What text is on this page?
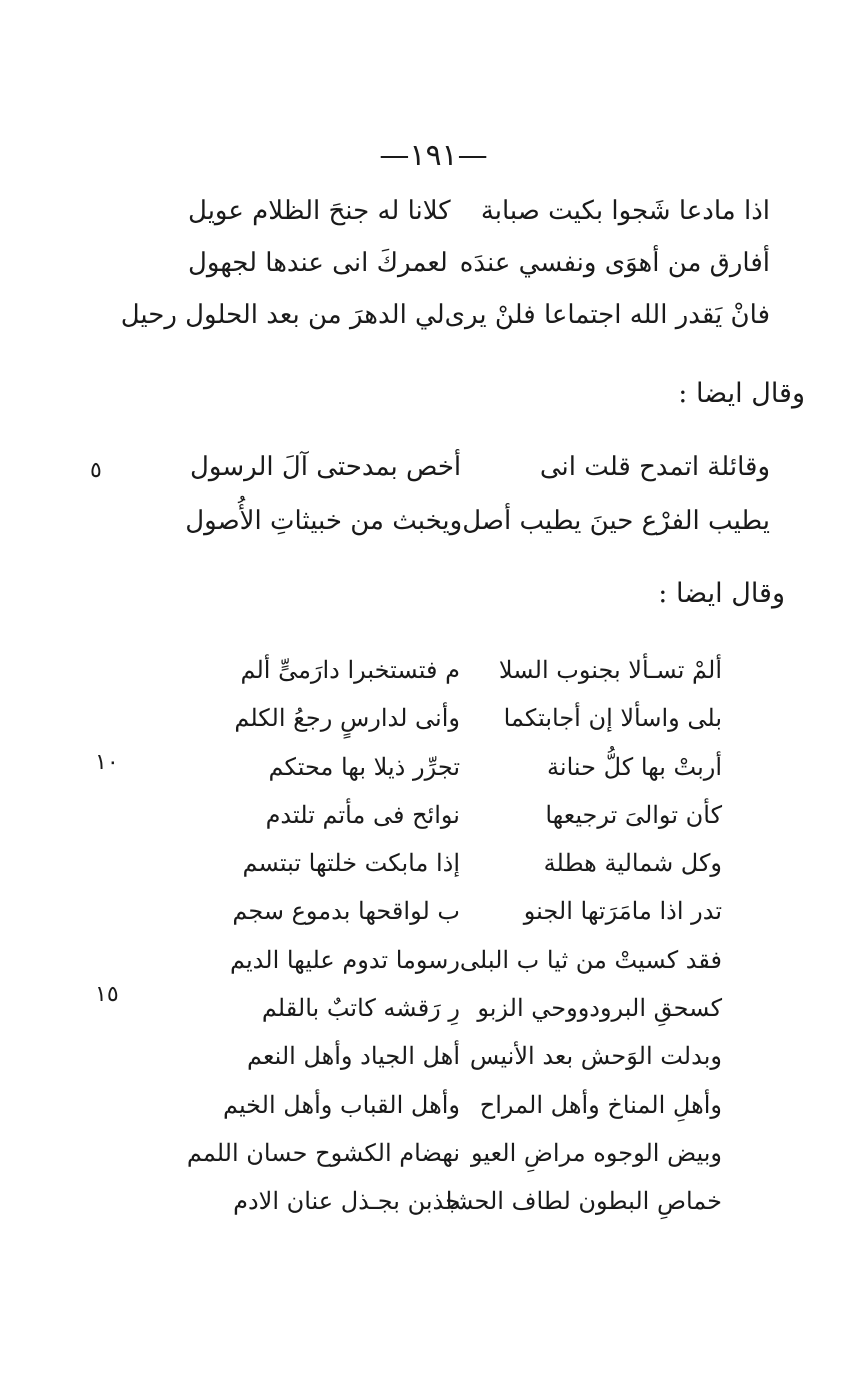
—١٩١—
٥
١٠
١٥
اذا مادعا شَجوا بكيت صبابة
كلانا له جنحَ الظلام عويل
أفارق من أهوَى ونفسي عندَه
لعمركَ انى عندها لجهول
فانْ يَقدر الله اجتماعا فلنْ يرى
لي الدهرَ من بعد الحلول رحيل
وقال ايضا :
وقائلة اتمدح قلت انى
أخص بمدحتى آلَ الرسول
يطيب الفرْع حينَ يطيب أصل
ويخبث من خبيثاتِ الأُصول
وقال ايضا :
ألمْ تسـألا بجنوب السلا
م فتستخبرا دارَمىٍّ ألم
بلى واسألا إن أجابتكما
وأنى لدارسٍ رجعُ الكلم
أربتْ بها كلُّ حنانة
تجرِّر ذيلا بها محتكم
كأن توالىَ ترجيعها
نوائح فى مأتم تلتدم
وكل شمالية هطلة
إذا مابكت خلتها تبتسم
تدر اذا مامَرَتها الجنو
ب لواقحها بدموع سجم
فقد كسيتْ من ثيا ب البلى
رسوما تدوم عليها الديم
كسحقِ البرودووحي الزبو
رِ رَقشه كاتبٌ بالقلم
وبدلت الوَحش بعد الأنيس
أهل الجياد وأهل النعم
وأهلِ المناخ وأهل المراح
وأهل القباب وأهل الخيم
وبيض الوجوه مراضِ العيو
نهضام الكشوح حسان اللمم
خماصِ البطون لطاف الحشا
جذبن بجـذل عنان الادم
